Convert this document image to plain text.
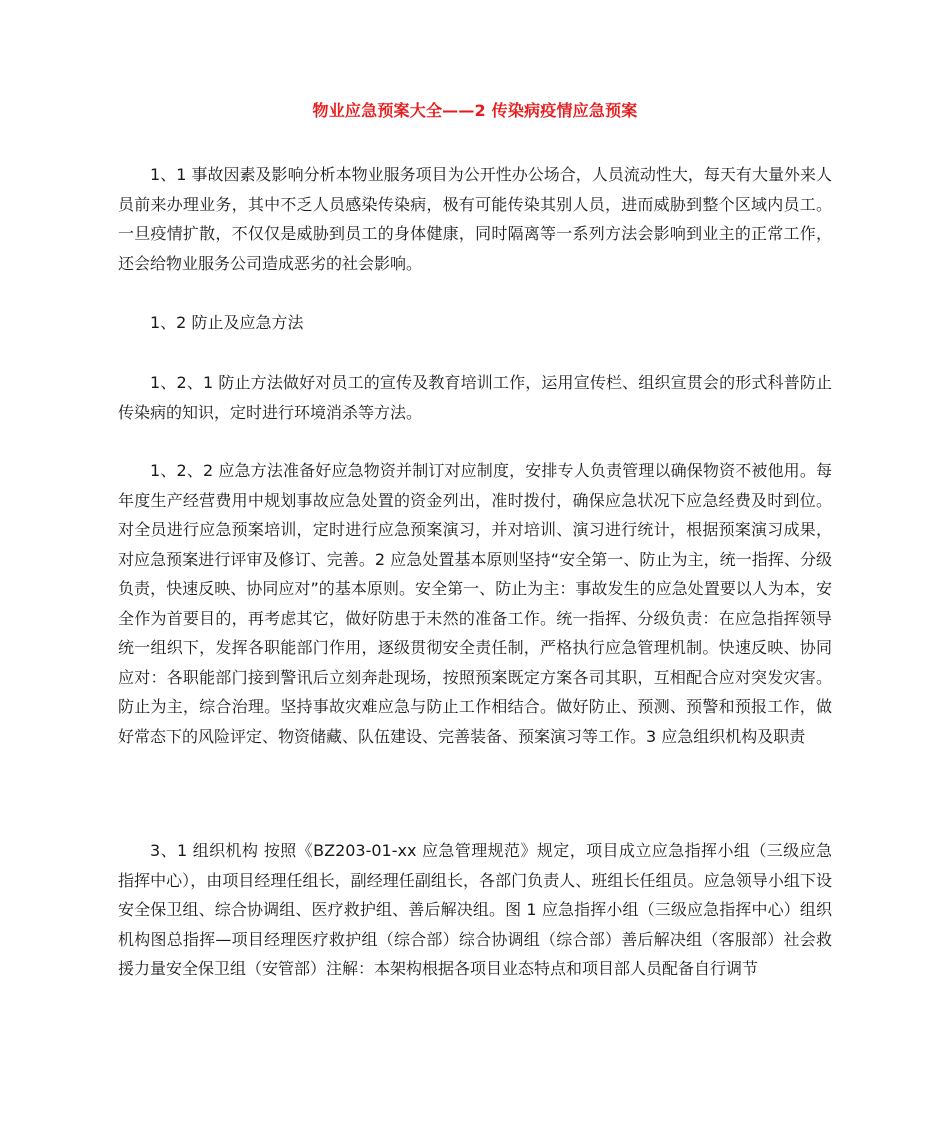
物业应急预案大全——2 传染病疫情应急预案

1、1 事故因素及影响分析本物业服务项目为公开性办公场合，人员流动性大，每天有大量外来人员前来办理业务，其中不乏人员感染传染病，极有可能传染其别人员，进而威胁到整个区域内员工。一旦疫情扩散，不仅仅是威胁到员工的身体健康，同时隔离等一系列方法会影响到业主的正常工作，还会给物业服务公司造成恶劣的社会影响。

1、2 防止及应急方法

1、2、1 防止方法做好对员工的宣传及教育培训工作，运用宣传栏、组织宣贯会的形式科普防止传染病的知识，定时进行环境消杀等方法。

1、2、2 应急方法准备好应急物资并制订对应制度，安排专人负责管理以确保物资不被他用。每年度生产经营费用中规划事故应急处置的资金列出，准时拨付，确保应急状况下应急经费及时到位。对全员进行应急预案培训，定时进行应急预案演习，并对培训、演习进行统计，根据预案演习成果，对应急预案进行评审及修订、完善。2 应急处置基本原则坚持“安全第一、防止为主，统一指挥、分级负责，快速反映、协同应对”的基本原则。安全第一、防止为主：事故发生的应急处置要以人为本，安全作为首要目的，再考虑其它，做好防患于未然的准备工作。统一指挥、分级负责：在应急指挥领导统一组织下，发挥各职能部门作用，逐级贯彻安全责任制，严格执行应急管理机制。快速反映、协同应对：各职能部门接到警讯后立刻奔赴现场，按照预案既定方案各司其职，互相配合应对突发灾害。防止为主，综合治理。坚持事故灾难应急与防止工作相结合。做好防止、预测、预警和预报工作，做好常态下的风险评定、物资储藏、队伍建设、完善装备、预案演习等工作。3 应急组织机构及职责

3、1 组织机构 按照《BZ203-01-xx 应急管理规范》规定，项目成立应急指挥小组（三级应急指挥中心），由项目经理任组长，副经理任副组长，各部门负责人、班组长任组员。应急领导小组下设安全保卫组、综合协调组、医疗救护组、善后解决组。图 1 应急指挥小组（三级应急指挥中心）组织机构图总指挥—项目经理医疗救护组（综合部）综合协调组（综合部）善后解决组（客服部）社会救援力量安全保卫组（安管部）注解：本架构根据各项目业态特点和项目部人员配备自行调节
